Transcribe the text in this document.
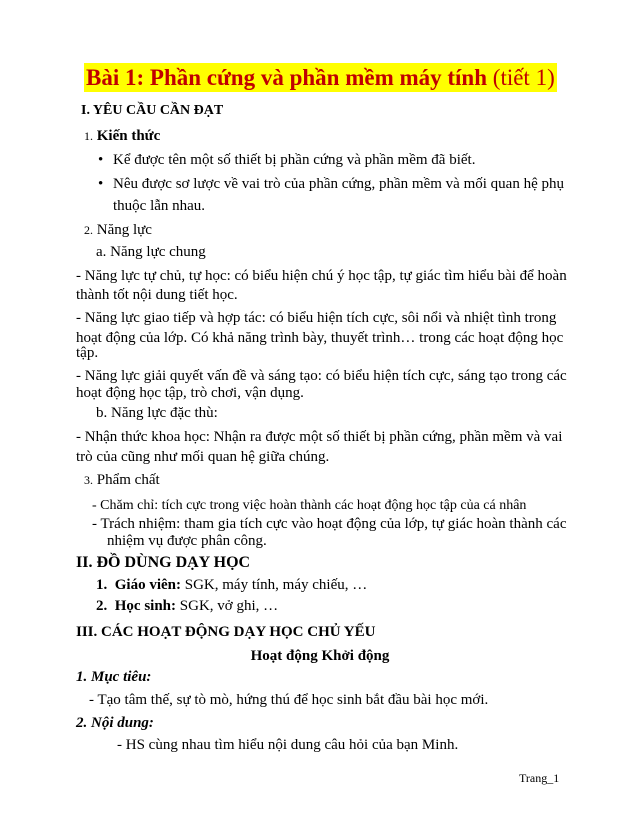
Bài 1: Phần cứng và phần mềm máy tính (tiết 1)
I. YÊU CẦU CẦN ĐẠT
1. Kiến thức
• Kể được tên một số thiết bị phần cứng và phần mềm đã biết.
• Nêu được sơ lược về vai trò của phần cứng, phần mềm và mối quan hệ phụ
thuộc lẫn nhau.
2. Năng lực
a. Năng lực chung
- Năng lực tự chủ, tự học: có biểu hiện chú ý học tập, tự giác tìm hiểu bài để hoàn
thành tốt nội dung tiết học.
- Năng lực giao tiếp và hợp tác: có biểu hiện tích cực, sôi nổi và nhiệt tình trong
hoạt động của lớp. Có khả năng trình bày, thuyết trình… trong các hoạt động học
tập.
- Năng lực giải quyết vấn đề và sáng tạo: có biểu hiện tích cực, sáng tạo trong các
hoạt động học tập, trò chơi, vận dụng.
b. Năng lực đặc thù:
- Nhận thức khoa học: Nhận ra được một số thiết bị phần cứng, phần mềm và vai
trò của cũng như mối quan hệ giữa chúng.
3. Phẩm chất
- Chăm chỉ: tích cực trong việc hoàn thành các hoạt động học tập của cá nhân
- Trách nhiệm: tham gia tích cực vào hoạt động của lớp, tự giác hoàn thành các
nhiệm vụ được phân công.
II. ĐỒ DÙNG DẠY HỌC
1. Giáo viên: SGK, máy tính, máy chiếu, …
2. Học sinh: SGK, vở ghi, …
III. CÁC HOẠT ĐỘNG DẠY HỌC CHỦ YẾU
Hoạt động Khởi động
1. Mục tiêu:
- Tạo tâm thế, sự tò mò, hứng thú để học sinh bắt đầu bài học mới.
2. Nội dung:
- HS cùng nhau tìm hiểu nội dung câu hỏi của bạn Minh.
Trang_1
